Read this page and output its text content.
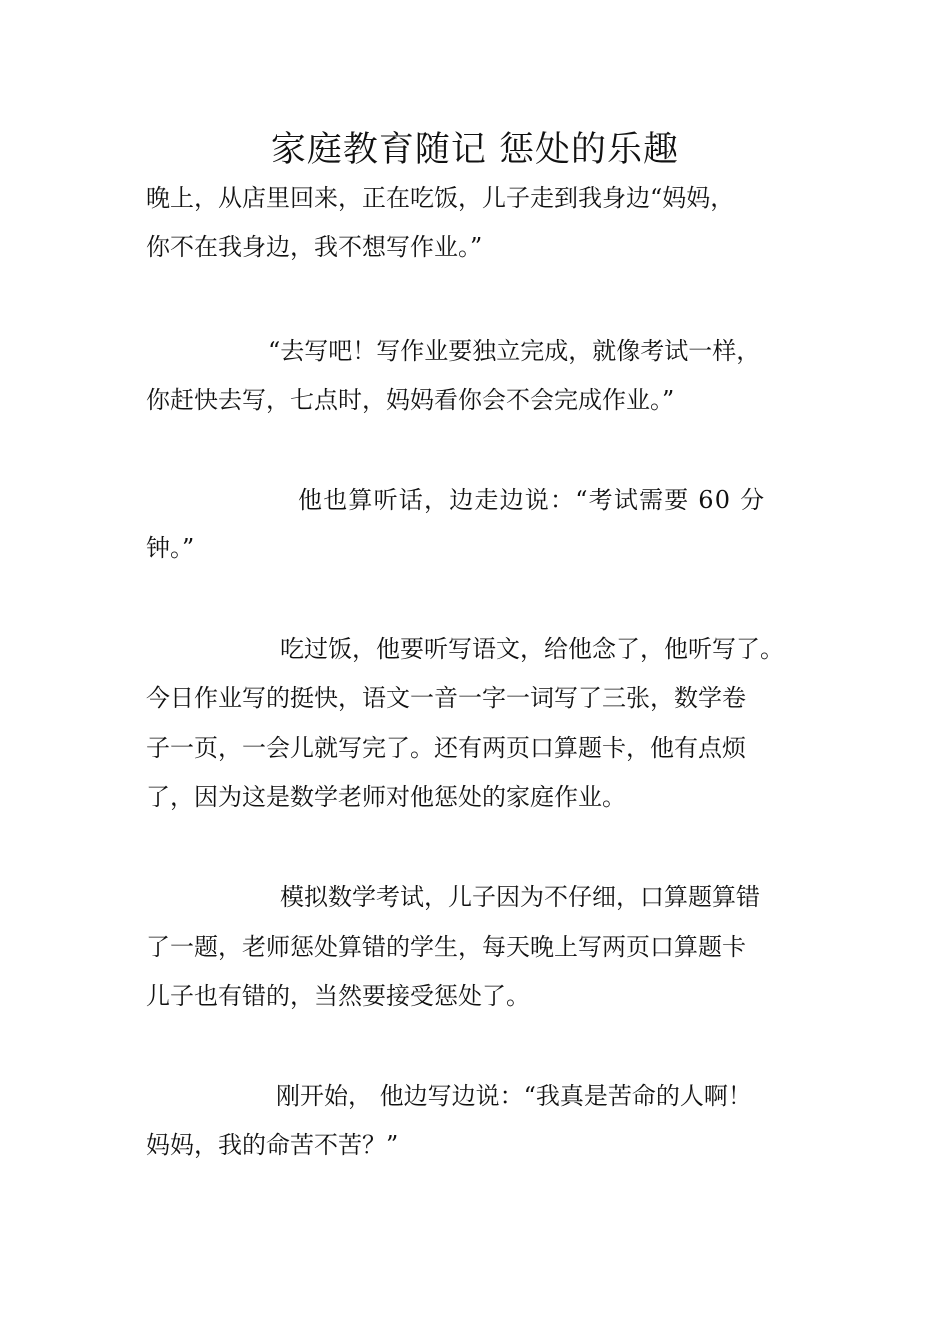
家庭教育随记 惩处的乐趣
晚上，从店里回来，正在吃饭，儿子走到我身边“妈妈，
你不在我身边，我不想写作业。”
“去写吧！写作业要独立完成，就像考试一样，
你赶快去写，七点时，妈妈看你会不会完成作业。”
他也算听话，边走边说：“考试需要 60 分
钟。”
吃过饭，他要听写语文，给他念了，他听写了。
今日作业写的挺快，语文一音一字一词写了三张，数学卷
子一页，一会儿就写完了。还有两页口算题卡，他有点烦
了，因为这是数学老师对他惩处的家庭作业。
模拟数学考试，儿子因为不仔细，口算题算错
了一题，老师惩处算错的学生，每天晚上写两页口算题卡
儿子也有错的，当然要接受惩处了。
刚开始， 他边写边说：“我真是苦命的人啊！
妈妈，我的命苦不苦？”
